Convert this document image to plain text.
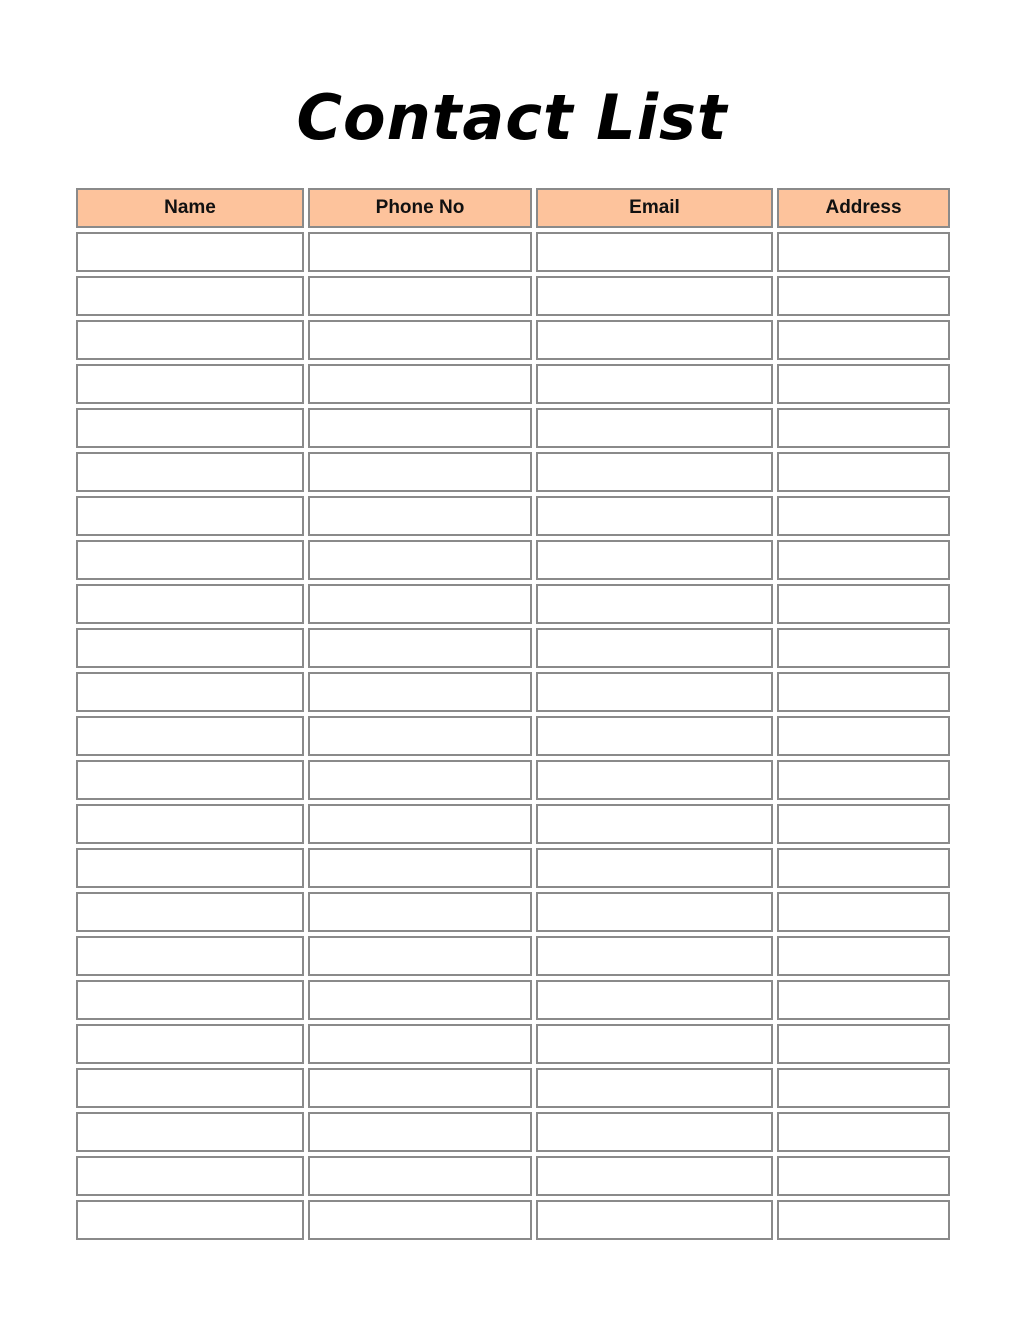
Contact List
Name	Phone No	Email	Address
